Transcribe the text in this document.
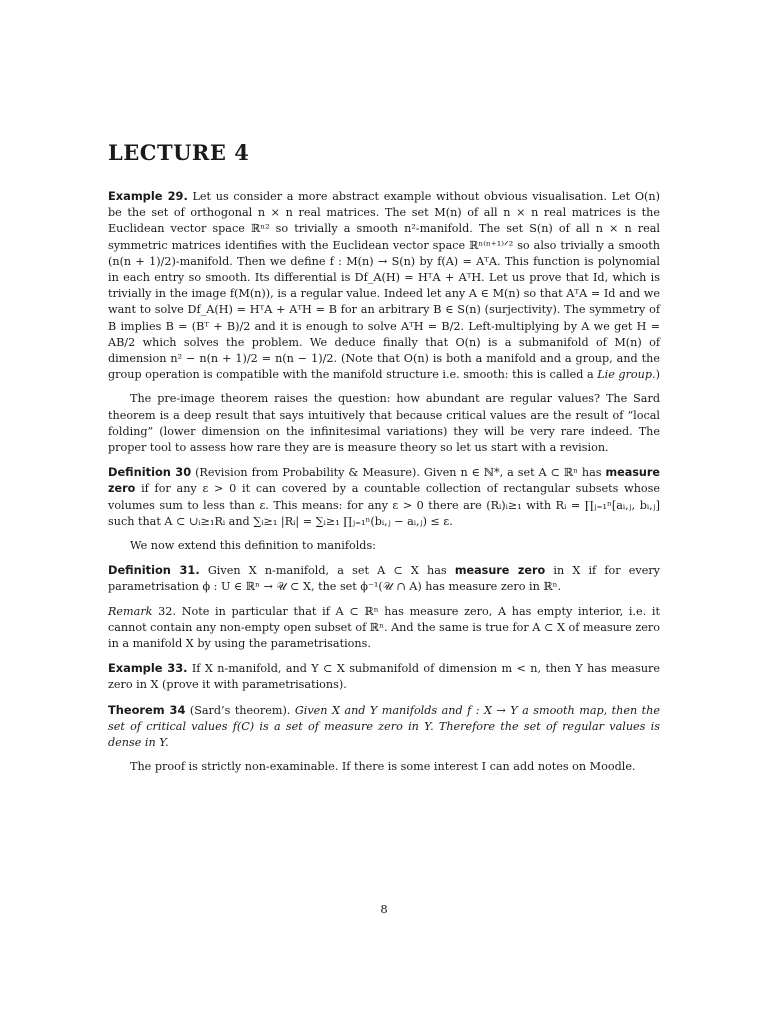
LECTURE 4

Example 29. Let us consider a more abstract example without obvious visualisation. Let O(n) be the set of orthogonal n × n real matrices. The set M(n) of all n × n real matrices is the Euclidean vector space ℝⁿ² so trivially a smooth n²-manifold. The set S(n) of all n × n real symmetric matrices identifies with the Euclidean vector space ℝⁿ⁽ⁿ⁺¹⁾ᐟ² so also trivially a smooth (n(n + 1)/2)-manifold. Then we define f : M(n) → S(n) by f(A) = AᵀA. This function is polynomial in each entry so smooth. Its differential is Df_A(H) = HᵀA + AᵀH. Let us prove that Id, which is trivially in the image f(M(n)), is a regular value. Indeed let any A ∈ M(n) so that AᵀA = Id and we want to solve Df_A(H) = HᵀA + AᵀH = B for an arbitrary B ∈ S(n) (surjectivity). The symmetry of B implies B = (Bᵀ + B)/2 and it is enough to solve AᵀH = B/2. Left-multiplying by A we get H = AB/2 which solves the problem. We deduce finally that O(n) is a submanifold of M(n) of dimension n² − n(n + 1)/2 = n(n − 1)/2. (Note that O(n) is both a manifold and a group, and the group operation is compatible with the manifold structure i.e. smooth: this is called a Lie group.)

The pre-image theorem raises the question: how abundant are regular values? The Sard theorem is a deep result that says intuitively that because critical values are the result of “local folding” (lower dimension on the infinitesimal variations) they will be very rare indeed. The proper tool to assess how rare they are is measure theory so let us start with a revision.

Definition 30 (Revision from Probability & Measure). Given n ∈ ℕ*, a set A ⊂ ℝⁿ has measure zero if for any ε > 0 it can covered by a countable collection of rectangular subsets whose volumes sum to less than ε. This means: for any ε > 0 there are (Rᵢ)ᵢ≥₁ with Rᵢ = ∏ⱼ₌₁ⁿ[aᵢ,ⱼ, bᵢ,ⱼ] such that A ⊂ ∪ᵢ≥₁Rᵢ and ∑ᵢ≥₁ |Rᵢ| = ∑ᵢ≥₁ ∏ⱼ₌₁ⁿ(bᵢ,ⱼ − aᵢ,ⱼ) ≤ ε.

We now extend this definition to manifolds:

Definition 31. Given X n-manifold, a set A ⊂ X has measure zero in X if for every parametrisation ϕ : U ∈ ℝⁿ → 𝒰 ⊂ X, the set ϕ⁻¹(𝒰 ∩ A) has measure zero in ℝⁿ.

Remark 32. Note in particular that if A ⊂ ℝⁿ has measure zero, A has empty interior, i.e. it cannot contain any non-empty open subset of ℝⁿ. And the same is true for A ⊂ X of measure zero in a manifold X by using the parametrisations.

Example 33. If X n-manifold, and Y ⊂ X submanifold of dimension m < n, then Y has measure zero in X (prove it with parametrisations).

Theorem 34 (Sard’s theorem). Given X and Y manifolds and f : X → Y a smooth map, then the set of critical values f(C) is a set of measure zero in Y. Therefore the set of regular values is dense in Y.

The proof is strictly non-examinable. If there is some interest I can add notes on Moodle.

8
